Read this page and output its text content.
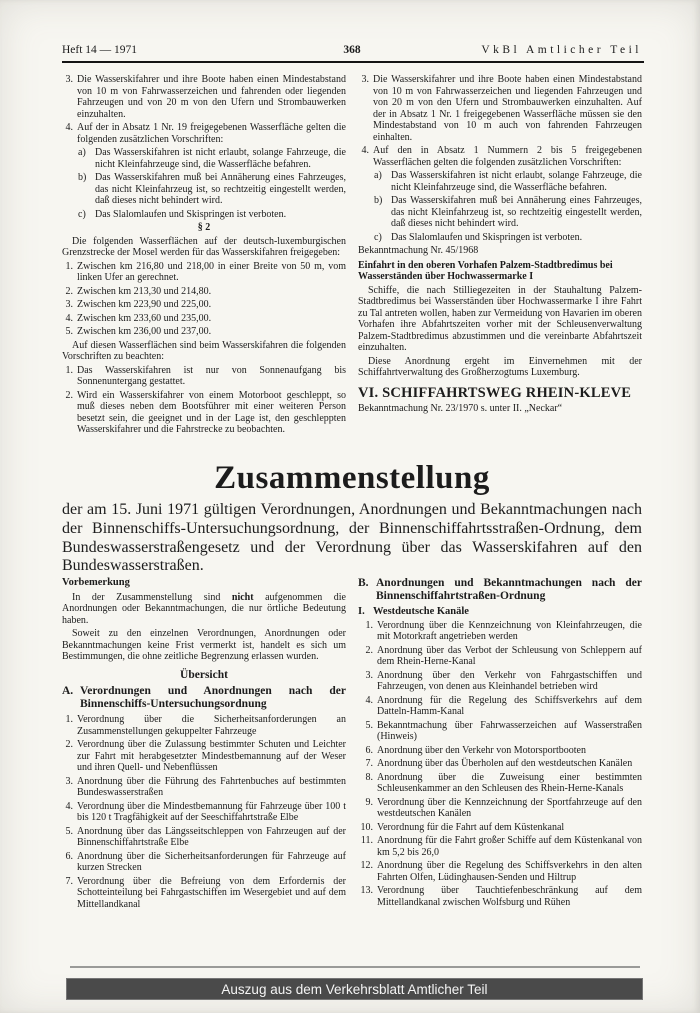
Heft 14 — 1971	368	VkBl Amtlicher Teil
3. Die Wasserskifahrer und ihre Boote haben einen Mindestabstand von 10 m von Fahrwasserzeichen und fahrenden oder liegenden Fahrzeugen und von 20 m von den Ufern und Strombauwerken einzuhalten.
4. Auf der in Absatz 1 Nr. 19 freigegebenen Wasserfläche gelten die folgenden zusätzlichen Vorschriften:
a) Das Wasserskifahren ist nicht erlaubt, solange Fahrzeuge, die nicht Kleinfahrzeuge sind, die Wasserfläche befahren.
b) Das Wasserskifahren muß bei Annäherung eines Fahrzeuges, das nicht Kleinfahrzeug ist, so rechtzeitig eingestellt werden, daß dieses nicht behindert wird.
c) Das Slalomlaufen und Skispringen ist verboten.
§ 2

Die folgenden Wasserflächen auf der deutsch-luxemburgischen Grenzstrecke der Mosel werden für das Wasserskifahren freigegeben:

1. Zwischen km 216,80 und 218,00 in einer Breite von 50 m, vom linken Ufer an gerechnet.
2. Zwischen km 213,30 und 214,80.
3. Zwischen km 223,90 und 225,00.
4. Zwischen km 233,60 und 235,00.
5. Zwischen km 236,00 und 237,00.

Auf diesen Wasserflächen sind beim Wasserskifahren die folgenden Vorschriften zu beachten:

1. Das Wasserskifahren ist nur von Sonnenaufgang bis Sonnenuntergang gestattet.
2. Wird ein Wasserskifahrer von einem Motorboot geschleppt, so muß dieses neben dem Bootsführer mit einer weiteren Person besetzt sein, die geeignet und in der Lage ist, den geschleppten Wasserskifahrer und die Fahrstrecke zu beobachten.
3. Die Wasserskifahrer und ihre Boote haben einen Mindestabstand von 10 m von Fahrwasserzeichen und liegenden Fahrzeugen und von 20 m von den Ufern und Strombauwerken einzuhalten. Auf der in Absatz 1 Nr. 1 freigegebenen Wasserfläche müssen sie den Mindestabstand von 10 m auch von fahrenden Fahrzeugen einhalten.
4. Auf den in Absatz 1 Nummern 2 bis 5 freigegebenen Wasserflächen gelten die folgenden zusätzlichen Vorschriften:
a) Das Wasserskifahren ist nicht erlaubt, solange Fahrzeuge, die nicht Kleinfahrzeuge sind, die Wasserfläche befahren.
b) Das Wasserskifahren muß bei Annäherung eines Fahrzeuges, das nicht Kleinfahrzeug ist, so rechtzeitig eingestellt werden, daß dieses nicht behindert wird.
c) Das Slalomlaufen und Skispringen ist verboten.
Bekanntmachung Nr. 45/1968
Einfahrt in den oberen Vorhafen Palzem-Stadtbredimus bei Wasserständen über Hochwassermarke I

Schiffe, die nach Stilliegezeiten in der Stauhaltung Palzem-Stadtbredimus bei Wasserständen über Hochwassermarke I ihre Fahrt zu Tal antreten wollen, haben zur Vermeidung von Havarien im oberen Vorhafen ihre Abfahrtszeiten vorher mit der Schleusenverwaltung Palzem-Stadtbredimus abzustimmen und die vereinbarte Abfahrtszeit einzuhalten.

Diese Anordnung ergeht im Einvernehmen mit der Schiffahrtverwaltung des Großherzogtums Luxemburg.

VI. SCHIFFAHRTSWEG RHEIN-KLEVE
Bekanntmachung Nr. 23/1970 s. unter II. „Neckar“
Zusammenstellung
der am 15. Juni 1971 gültigen Verordnungen, Anordnungen und Bekanntmachungen nach der Binnenschiffs-Untersuchungsordnung, der Binnenschiffahrtsstraßen-Ordnung, dem Bundeswasserstraßengesetz und der Verordnung über das Wasserskifahren auf den Bundeswasserstraßen.
Vorbemerkung

In der Zusammenstellung sind nicht aufgenommen die Anordnungen oder Bekanntmachungen, die nur örtliche Bedeutung haben.

Soweit zu den einzelnen Verordnungen, Anordnungen oder Bekanntmachungen keine Frist vermerkt ist, handelt es sich um Bestimmungen, die ohne zeitliche Begrenzung erlassen wurden.

Übersicht
A. Verordnungen und Anordnungen nach der Binnenschiffs-Untersuchungsordnung
1. Verordnung über die Sicherheitsanforderungen an Zusammenstellungen gekuppelter Fahrzeuge
2. Verordnung über die Zulassung bestimmter Schuten und Leichter zur Fahrt mit herabgesetzter Mindestbemannung auf der Weser und ihren Quell- und Nebenflüssen
3. Anordnung über die Führung des Fahrtenbuches auf bestimmten Bundeswasserstraßen
4. Verordnung über die Mindestbemannung für Fahrzeuge über 100 t bis 120 t Tragfähigkeit auf der Seeschiffahrtstraße Elbe
5. Anordnung über das Längsseitschleppen von Fahrzeugen auf der Binnenschiffahrtstraße Elbe
6. Anordnung über die Sicherheitsanforderungen für Fahrzeuge auf kurzen Strecken
7. Verordnung über die Befreiung von dem Erfordernis der Schotteinteilung bei Fahrgastschiffen im Wesergebiet und auf dem Mittellandkanal
B. Anordnungen und Bekanntmachungen nach der Binnenschiffahrtstraßen-Ordnung
I. Westdeutsche Kanäle
1. Verordnung über die Kennzeichnung von Kleinfahrzeugen, die mit Motorkraft angetrieben werden
2. Anordnung über das Verbot der Schleusung von Schleppern auf dem Rhein-Herne-Kanal
3. Anordnung über den Verkehr von Fahrgastschiffen und Fahrzeugen, von denen aus Kleinhandel betrieben wird
4. Anordnung für die Regelung des Schiffsverkehrs auf dem Datteln-Hamm-Kanal
5. Bekanntmachung über Fahrwasserzeichen auf Wasserstraßen (Hinweis)
6. Anordnung über den Verkehr von Motorsportbooten
7. Anordnung über das Überholen auf den westdeutschen Kanälen
8. Anordnung über die Zuweisung einer bestimmten Schleusenkammer an den Schleusen des Rhein-Herne-Kanals
9. Verordnung über die Kennzeichnung der Sportfahrzeuge auf den westdeutschen Kanälen
10. Verordnung für die Fahrt auf dem Küstenkanal
11. Anordnung für die Fahrt großer Schiffe auf dem Küstenkanal von km 5,2 bis 26,0
12. Anordnung über die Regelung des Schiffsverkehrs in den alten Fahrten Olfen, Lüdinghausen-Senden und Hiltrup
13. Verordnung über Tauchtiefenbeschränkung auf dem Mittellandkanal zwischen Wolfsburg und Rühen
Auszug aus dem Verkehrsblatt Amtlicher Teil
